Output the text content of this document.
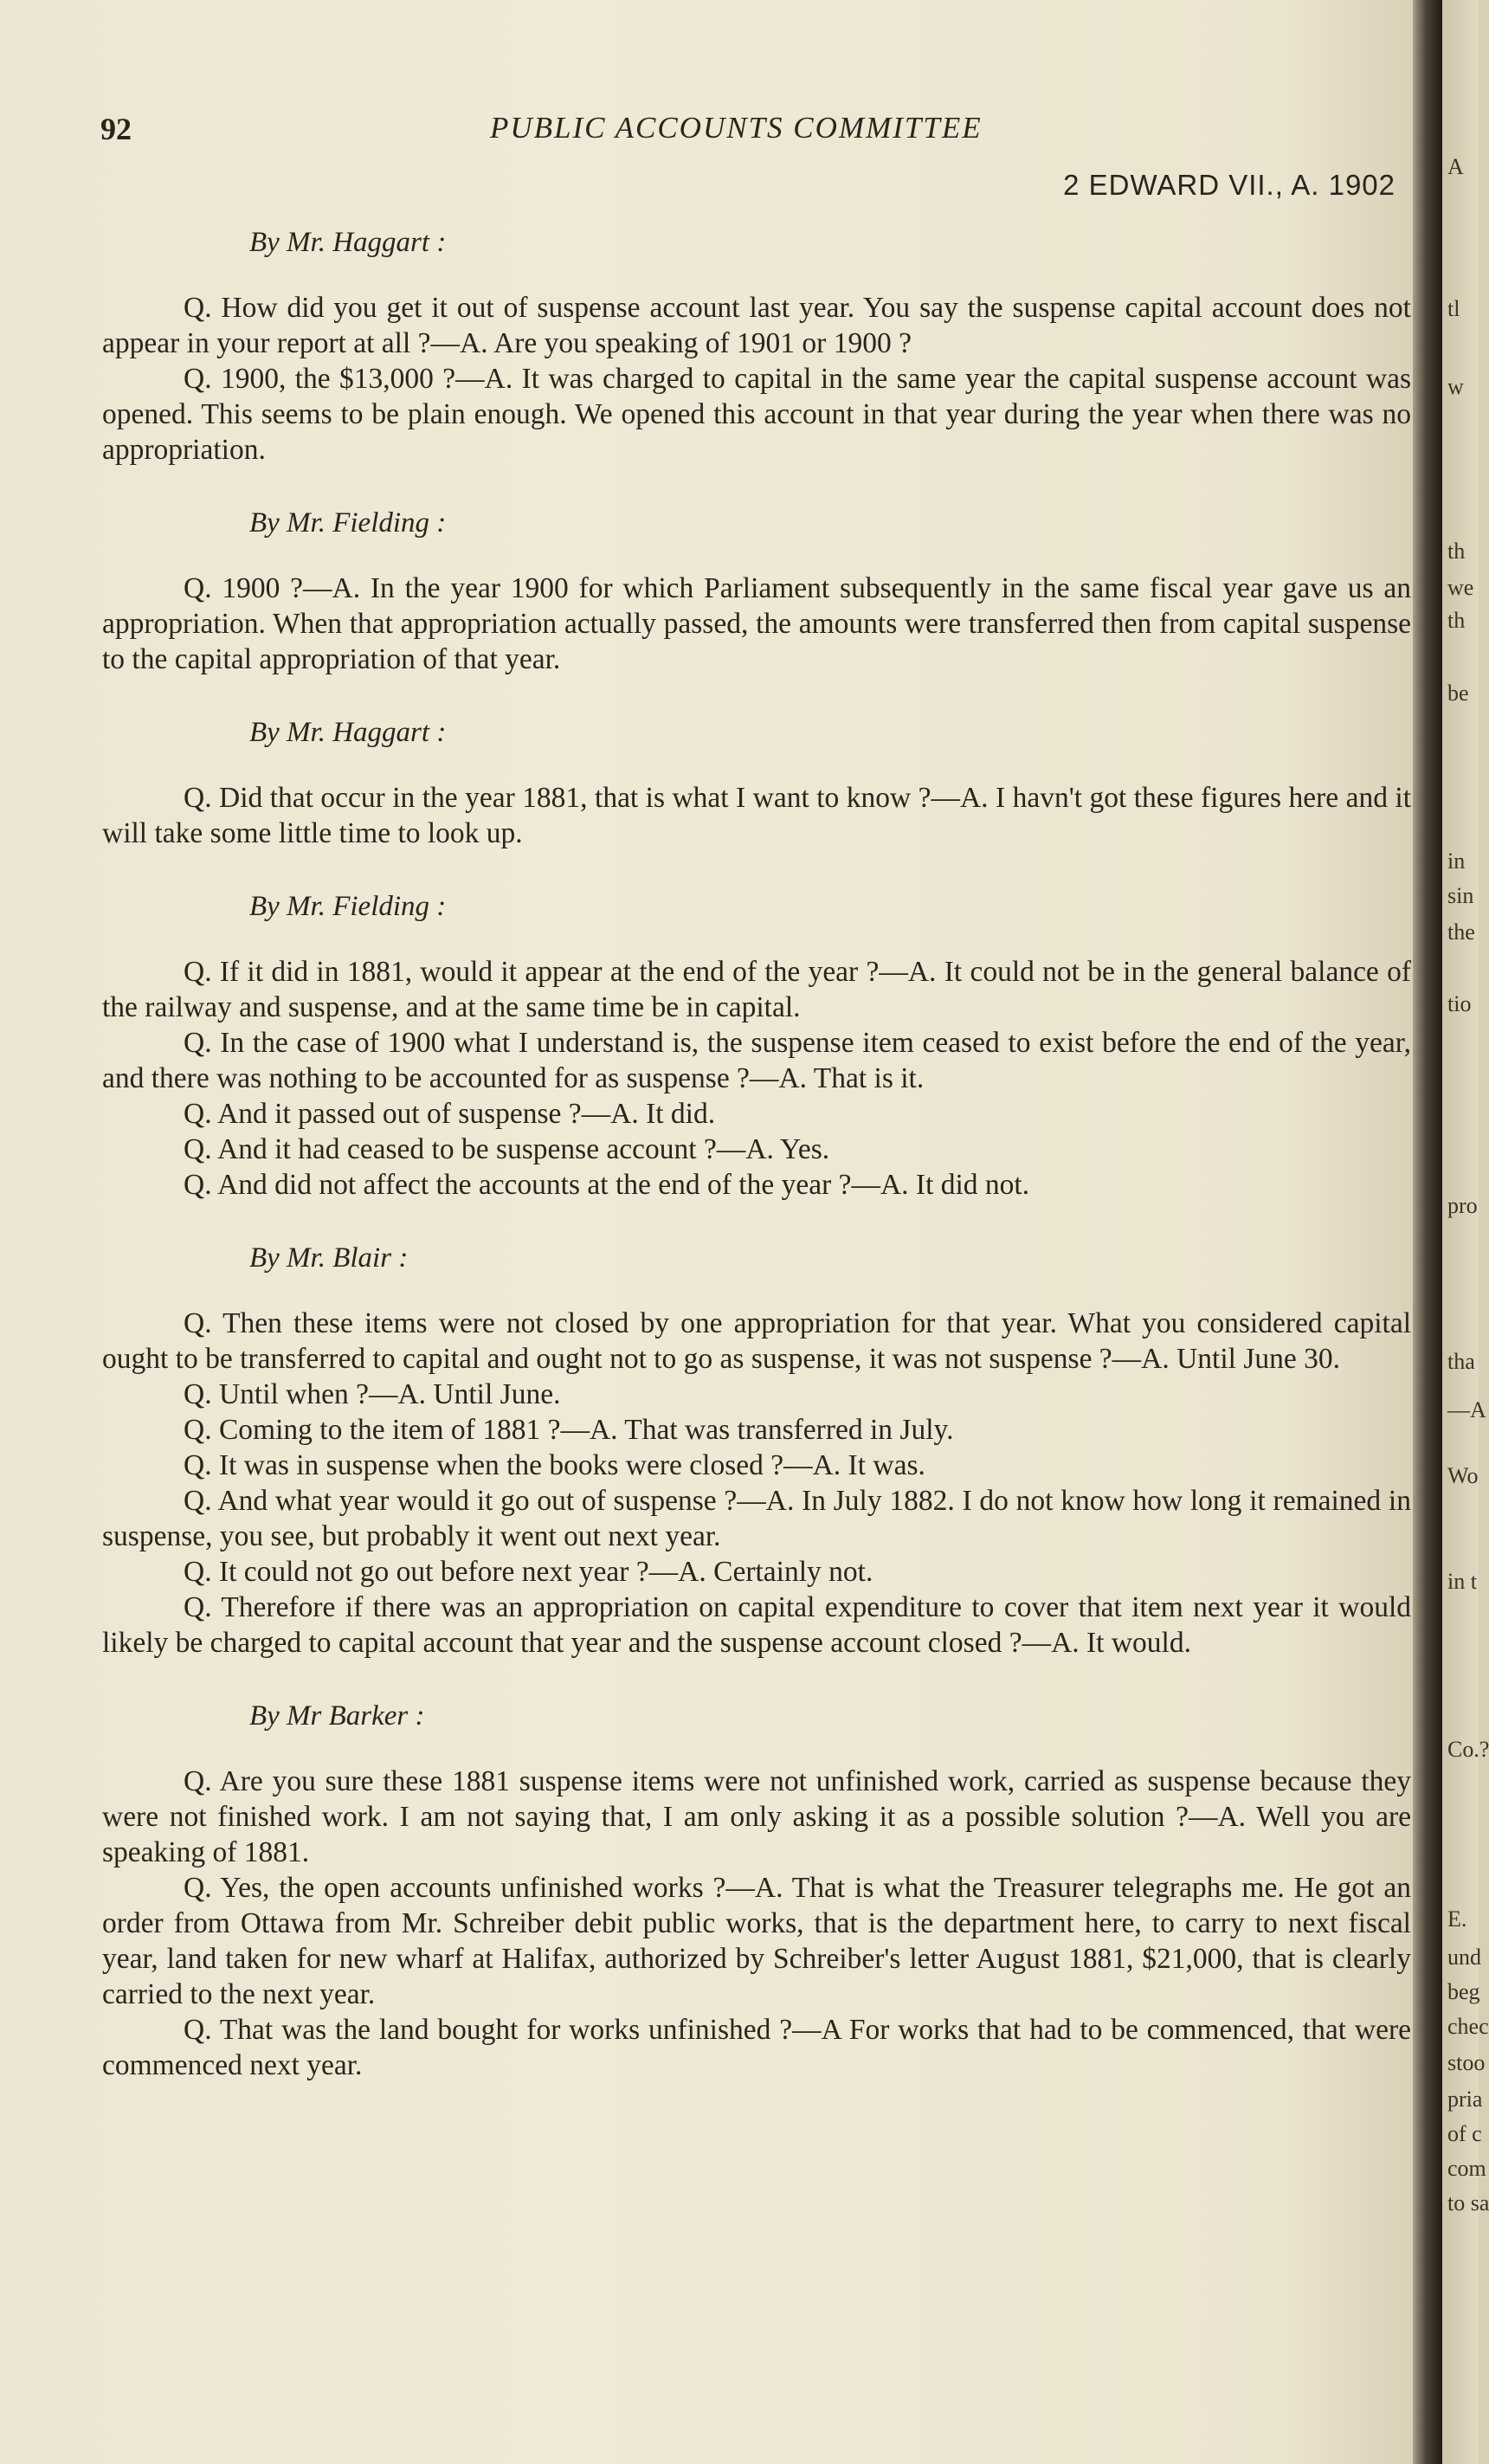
A
tl
w
th
we
th
be
in
sin
the
tio
pro
tha
—A
Wo
in t
Co.?
E.
und
beg
chec
stoo
pria
of c
com
to sa
92	PUBLIC ACCOUNTS COMMITTEE
2 EDWARD VII., A. 1902
By Mr. Haggart :

Q. How did you get it out of suspense account last year. You say the suspense capital account does not appear in your report at all ?—A. Are you speaking of 1901 or 1900 ?

Q. 1900, the $13,000 ?—A. It was charged to capital in the same year the capital suspense account was opened. This seems to be plain enough. We opened this account in that year during the year when there was no appropriation.

By Mr. Fielding :

Q. 1900 ?—A. In the year 1900 for which Parliament subsequently in the same fiscal year gave us an appropriation. When that appropriation actually passed, the amounts were transferred then from capital suspense to the capital appropriation of that year.

By Mr. Haggart :

Q. Did that occur in the year 1881, that is what I want to know ?—A. I havn't got these figures here and it will take some little time to look up.

By Mr. Fielding :

Q. If it did in 1881, would it appear at the end of the year ?—A. It could not be in the general balance of the railway and suspense, and at the same time be in capital.

Q. In the case of 1900 what I understand is, the suspense item ceased to exist before the end of the year, and there was nothing to be accounted for as suspense ?—A. That is it.

Q. And it passed out of suspense ?—A. It did.

Q. And it had ceased to be suspense account ?—A. Yes.

Q. And did not affect the accounts at the end of the year ?—A. It did not.

By Mr. Blair :

Q. Then these items were not closed by one appropriation for that year. What you considered capital ought to be transferred to capital and ought not to go as suspense, it was not suspense ?—A. Until June 30.

Q. Until when ?—A. Until June.

Q. Coming to the item of 1881 ?—A. That was transferred in July.

Q. It was in suspense when the books were closed ?—A. It was.

Q. And what year would it go out of suspense ?—A. In July 1882. I do not know how long it remained in suspense, you see, but probably it went out next year.

Q. It could not go out before next year ?—A. Certainly not.

Q. Therefore if there was an appropriation on capital expenditure to cover that item next year it would likely be charged to capital account that year and the suspense account closed ?—A. It would.

By Mr Barker :

Q. Are you sure these 1881 suspense items were not unfinished work, carried as suspense because they were not finished work. I am not saying that, I am only asking it as a possible solution ?—A. Well you are speaking of 1881.

Q. Yes, the open accounts unfinished works ?—A. That is what the Treasurer telegraphs me. He got an order from Ottawa from Mr. Schreiber debit public works, that is the department here, to carry to next fiscal year, land taken for new wharf at Halifax, authorized by Schreiber's letter August 1881, $21,000, that is clearly carried to the next year.

Q. That was the land bought for works unfinished ?—A For works that had to be commenced, that were commenced next year.
